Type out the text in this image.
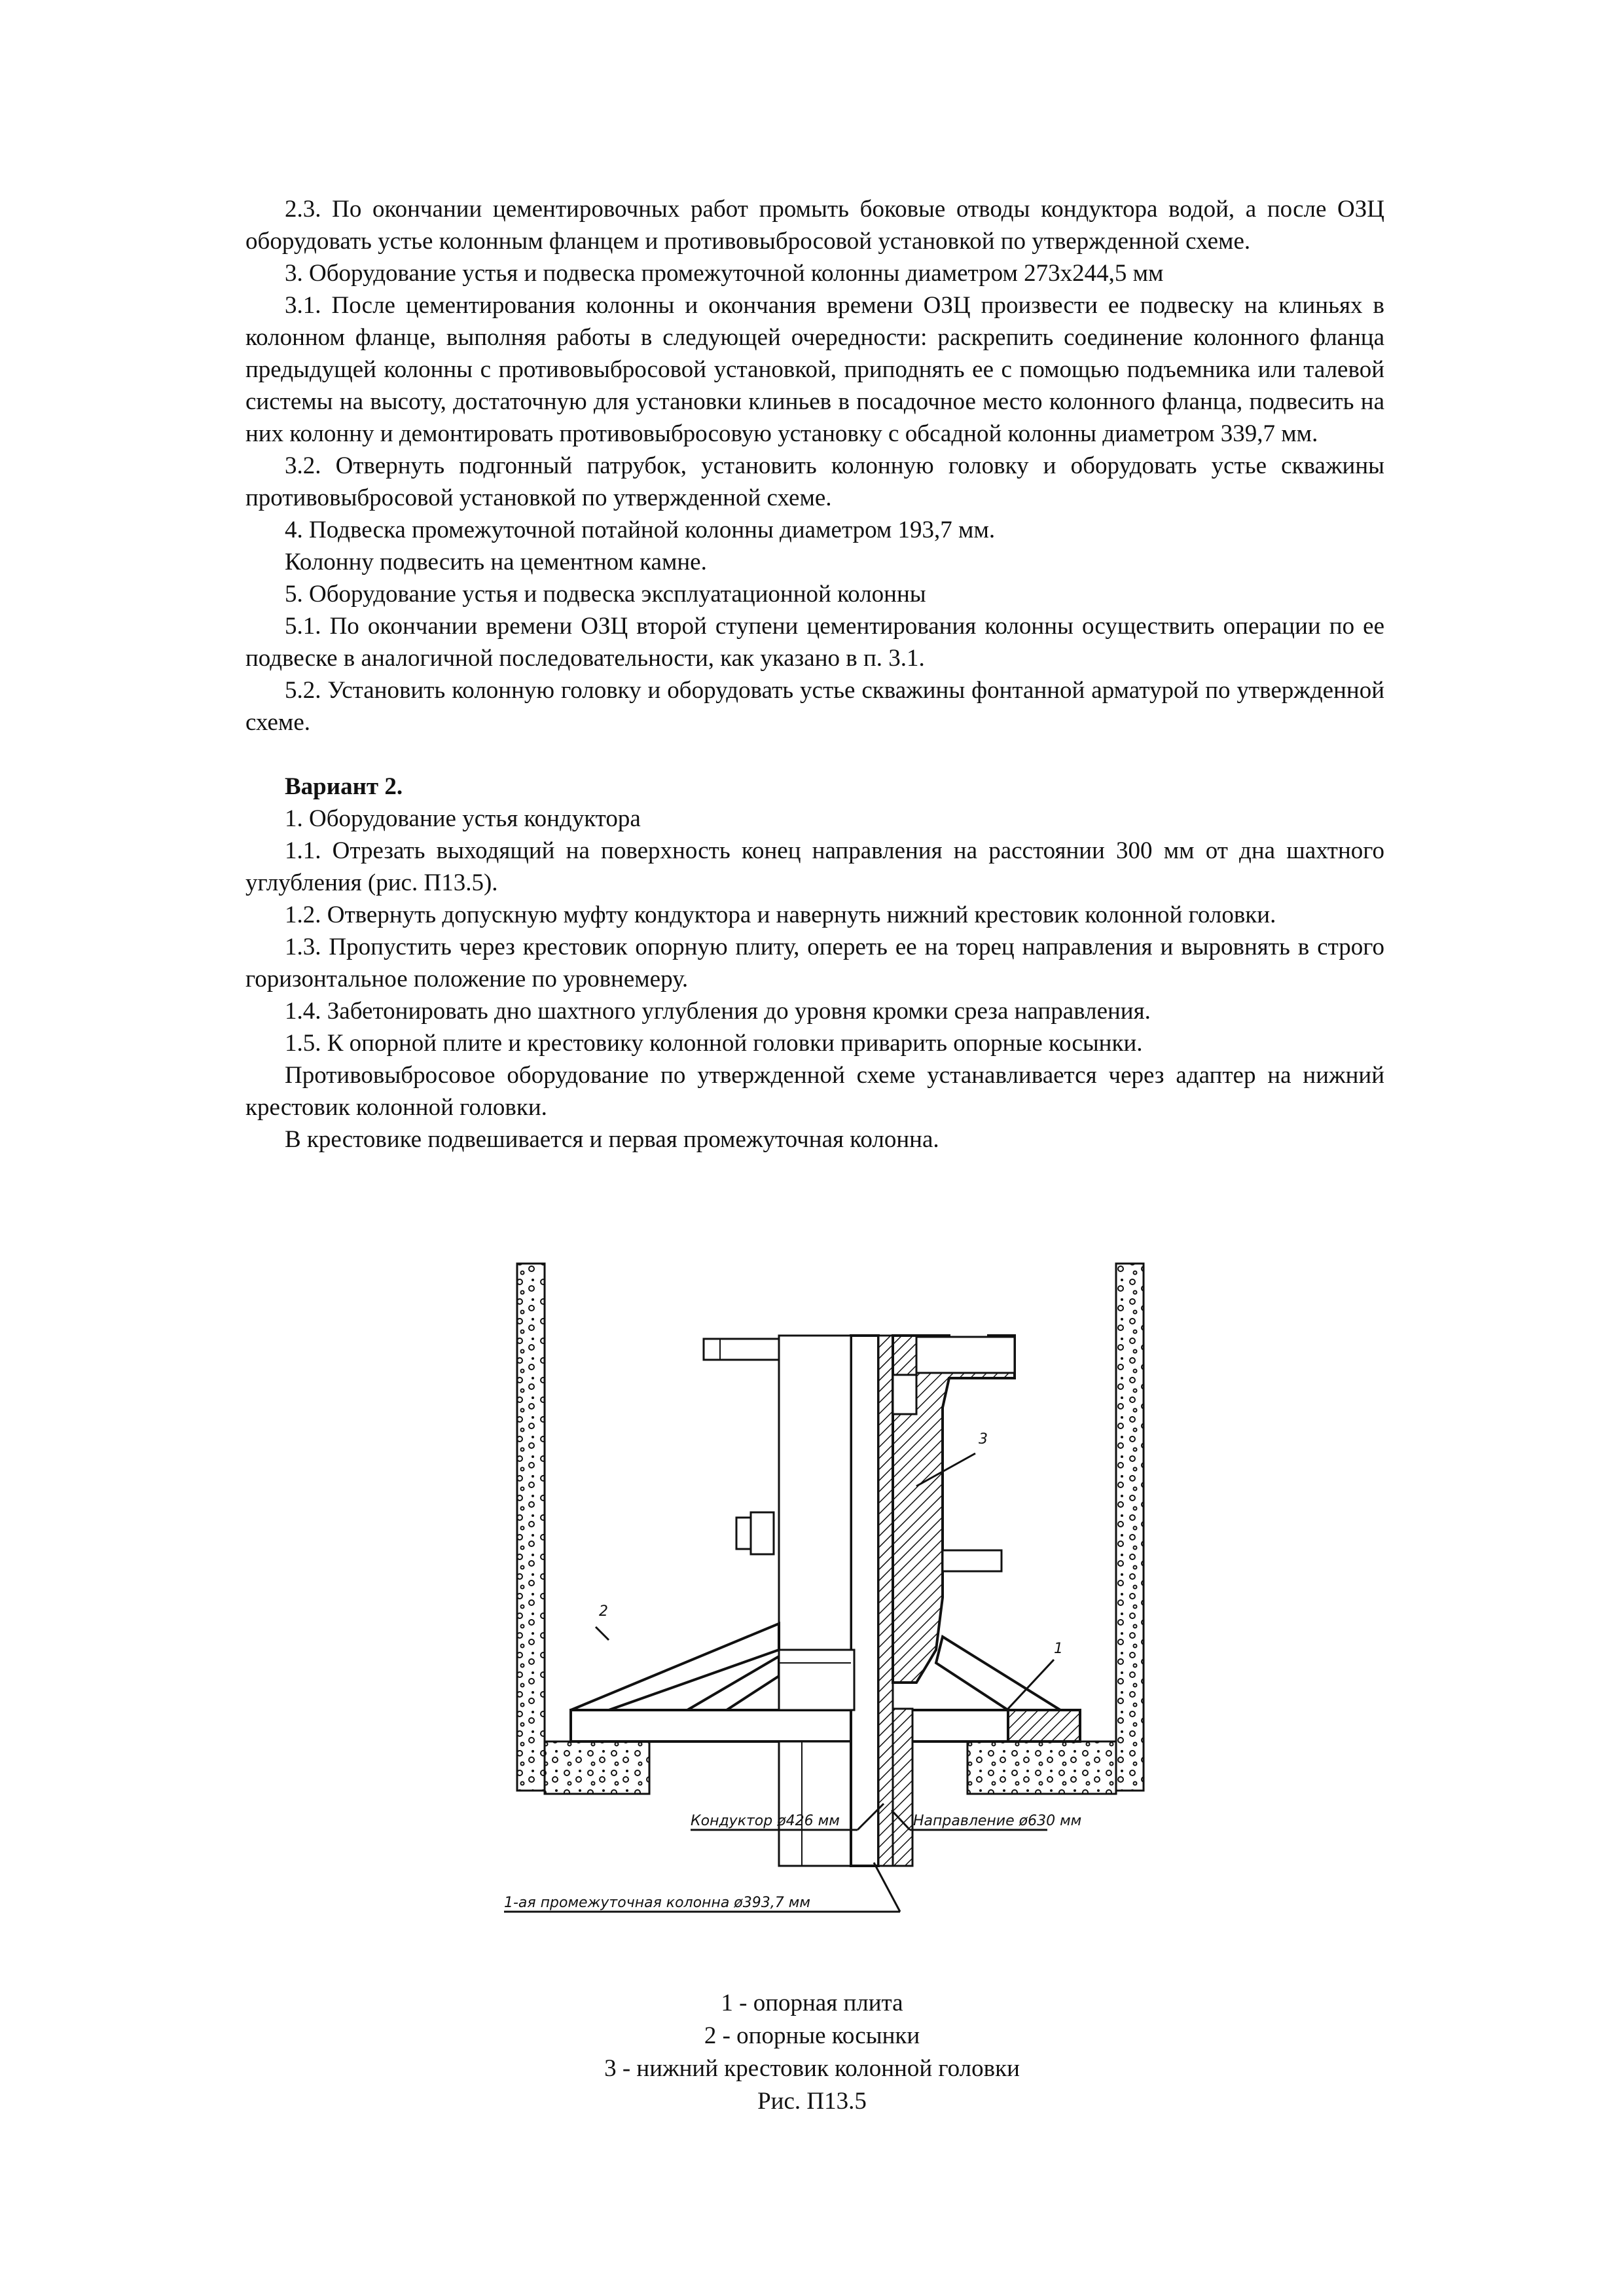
2.3. По окончании цементировочных работ промыть боковые отводы кондуктора водой, а после ОЗЦ оборудовать устье колонным фланцем и противовыбросовой установкой по утвержденной схеме.

3. Оборудование устья и подвеска промежуточной колонны диаметром 273x244,5 мм

3.1. После цементирования колонны и окончания времени ОЗЦ произвести ее подвеску на клиньях в колонном фланце, выполняя работы в следующей очередности: раскрепить соединение колонного фланца предыдущей колонны с противовыбросовой установкой, приподнять ее с помощью подъемника или талевой системы на высоту, достаточную для установки клиньев в посадочное место колонного фланца, подвесить на них колонну и демонтировать противовыбросовую установку с обсадной колонны диаметром 339,7 мм.

3.2. Отвернуть подгонный патрубок, установить колонную головку и оборудовать устье скважины противовыбросовой установкой по утвержденной схеме.

4. Подвеска промежуточной потайной колонны диаметром 193,7 мм.

Колонну подвесить на цементном камне.

5. Оборудование устья и подвеска эксплуатационной колонны

5.1. По окончании времени ОЗЦ второй ступени цементирования колонны осуществить операции по ее подвеске в аналогичной последовательности, как указано в п. 3.1.

5.2. Установить колонную головку и оборудовать устье скважины фонтанной арматурой по утвержденной схеме.

Вариант 2.

1. Оборудование устья кондуктора

1.1. Отрезать выходящий на поверхность конец направления на расстоянии 300 мм от дна шахтного углубления (рис. П13.5).

1.2. Отвернуть допускную муфту кондуктора и навернуть нижний крестовик колонной головки.

1.3. Пропустить через крестовик опорную плиту, опереть ее на торец направления и выровнять в строго горизонтальное положение по уровнемеру.

1.4. Забетонировать дно шахтного углубления до уровня кромки среза направления.

1.5. К опорной плите и крестовику колонной головки приварить опорные косынки.

Противовыбросовое оборудование по утвержденной схеме устанавливается через адаптер на нижний крестовик колонной головки.

В крестовике подвешивается и первая промежуточная колонна.

2
3
1
Кондуктор ø426 мм	Направление ø630 мм
1-ая промежуточная колонна ø393,7 мм
1 - опорная плита
2 - опорные косынки
3 - нижний крестовик колонной головки
Рис. П13.5
